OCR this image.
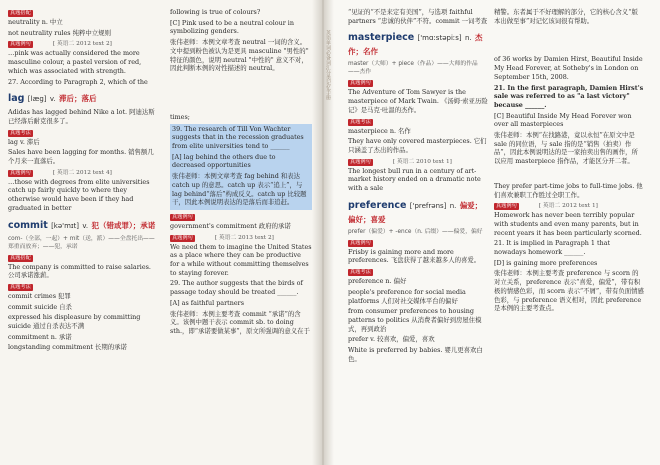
真题搭配

neutrality n. 中立

not neutrality rules 纯粹中立规则

真题例句	[ 英语二 2012 text 2]

…pink was actually considered the more masculine colour, a pastel version of red, which was associated with strength.

27. According to Paragraph 2, which of the

lag [læg] v. 滞后；落后

Adidas has lagged behind Nike a lot. 阿迪达斯已经落后耐克很多了。

真题考法

lag v. 滞后

Sales have been lagging for months. 销售额几个月来一直落后。

真题例句	[ 英语二 2012 text 4]

…those with degrees from elite universities catch up fairly quickly to where they otherwise would have been if they had graduated in better

commit [kə'mɪt] v. 犯（错或罪）；承诺

com-（全部，一起）+ mit（送，派）——全盘托出——郑重而放弃；——犯，承诺

真题搭配

The company is committed to raise salaries. 公司承诺涨薪。

真题考法

commit crimes 犯罪

commit suicide 自杀

expressed his displeasure by committing suicide 通过自杀表达不满

commitment n. 承诺

longstanding commitment 长期的承诺

following is true of colours?

[C] Pink used to be a neutral colour in symbolizing genders.

张伟老师：本例文章考查 neutral 一词的含义。文中提到粉色被认为是更具 masculine "男性的" 特征的颜色，说明 neutral "中性的" 意义不对，因此判断本例的对性描述的 neutral。

times;

39. The research of Till Von Wachter suggests that in the recession graduates from elite universities tend to ______

[A] lag behind the others due to decreased opportunities

张伟老师：本例文章考查 fag behind 和表达 catch up 的意思。catch up 表示“追上”，与 lag behind“落后”构成反义。catch up 比较题干，因此本例说明表达的是落后而非追赶。

真题例句

government's commitment 政府的承诺

真题例句	[ 英语二 2013 text 2]

We need them to imagine the United States as a place where they can be productive for a while without committing themselves to staying forever.

29. The author suggests that the birds of passage today should be treated ______.

[A] as faithful partners

张伟老师：本例主要考查 commit “承诺”的含义。该例中题干表示 commit sb. to doing sth.，即“承诺要做某事”，原文所强调的意义在于

“见证的“不是来定有美国”，与选项 faithful partners “忠诚的伙伴”不符。commit 一词考查

masterpiece ['mɑːstəpiːs] n. 杰作；名作

master（大师）+ piece（作品）——大师的作品——杰作

真题例句

The Adventure of Tom Sawyer is the masterpiece of Mark Twain. 《汤姆·索亚历险记》是马克·吐温的杰作。

真题考法

masterpiece n. 名作

They have only covered masterpieces. 它们只涵盖了杰出的作品。

真题例句	[ 英语二 2010 text 1]

The longest bull run in a century of art-market history ended on a dramatic note with a sale

preference ['prefrəns] n. 偏爱；偏好；喜爱

prefer（偏爱）+ -ence（n. 后缀）——偏爱，偏好

真题例句

Frisby is gaining more and more preferences. 飞盘获得了越来越多人的喜爱。

真题考法

preference n. 偏好

people's preference for social media platforms 人们对社交媒体平台的偏好

from consumer preferences to housing patterns to politics 从消费者偏好到房屋住模式，再到政治

prefer v. 较喜欢，偏爱，喜欢

White is preferred by babies. 婴儿更喜欢白色。

精警。东者属于不好理解的部分，它的核心含义“版本出做至事”对记忆该词很有帮助。

of 36 works by Damien Hirst, Beautiful Inside My Head Forever, at Sotheby's in London on September 15th, 2008.

21. In the first paragraph, Damien Hirst's sale was referred to as "a last victory" because ______.

[C] Beautiful Inside My Head Forever won over all masterpieces

张伟老师：本例“在找路港，竟以永恒”在原文中是 sale 的同位语，与 sale 指的是“销售（拍卖）作品”，因此本例说明达的是一家拍卖出售的画作，所以应用 masterpiece 指作品，才能区分开二者。

They prefer part-time jobs to full-time jobs. 他们喜欢兼职工作胜过全职工作。

真题例句	[ 英语二 2012 text 1]

Homework has never been terribly popular with students and even many parents, but in recent years it has been particularly scorned.

21. It is implied in Paragraph 1 that nowadays homework ______.

[D] is gaining more preferences

张伟老师：本例主要考查 preference 与 scorn 的对立关系，preference 表示“喜爱，偏爱”，带有积极的情感色彩，而 scorn 表示“不屑”，带有负面情感色彩，与 preference 语义相对，因此 preference 是本例的主要考查点。

英语单词必备词汇分类记忆手册
